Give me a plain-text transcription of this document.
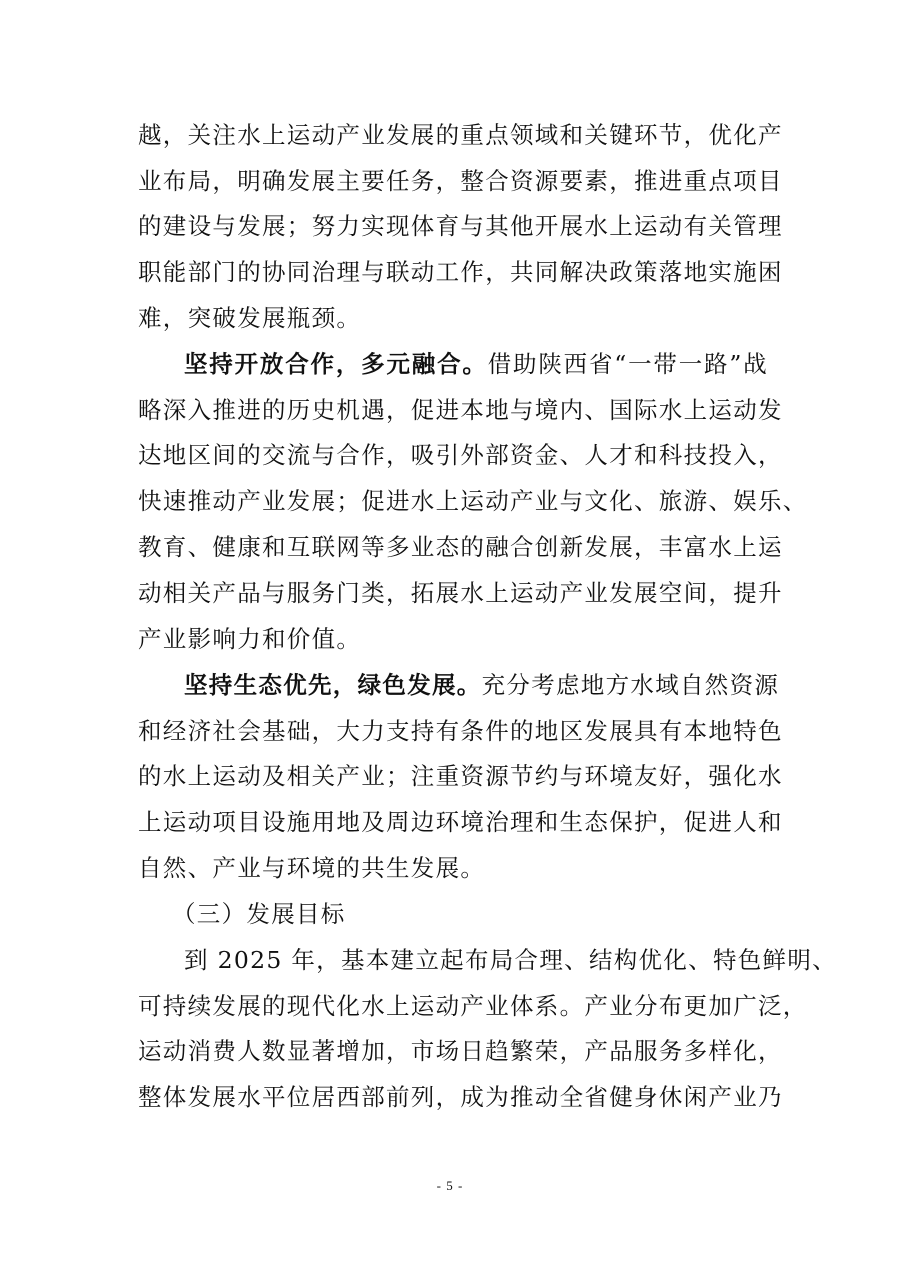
越，关注水上运动产业发展的重点领域和关键环节，优化产
业布局，明确发展主要任务，整合资源要素，推进重点项目
的建设与发展；努力实现体育与其他开展水上运动有关管理
职能部门的协同治理与联动工作，共同解决政策落地实施困
难，突破发展瓶颈。
坚持开放合作，多元融合。借助陕西省“一带一路”战
略深入推进的历史机遇，促进本地与境内、国际水上运动发
达地区间的交流与合作，吸引外部资金、人才和科技投入，
快速推动产业发展；促进水上运动产业与文化、旅游、娱乐、
教育、健康和互联网等多业态的融合创新发展，丰富水上运
动相关产品与服务门类，拓展水上运动产业发展空间，提升
产业影响力和价值。
坚持生态优先，绿色发展。充分考虑地方水域自然资源
和经济社会基础，大力支持有条件的地区发展具有本地特色
的水上运动及相关产业；注重资源节约与环境友好，强化水
上运动项目设施用地及周边环境治理和生态保护，促进人和
自然、产业与环境的共生发展。
（三）发展目标
到 2025 年，基本建立起布局合理、结构优化、特色鲜明、
可持续发展的现代化水上运动产业体系。产业分布更加广泛，
运动消费人数显著增加，市场日趋繁荣，产品服务多样化，
整体发展水平位居西部前列，成为推动全省健身休闲产业乃
- 5 -
